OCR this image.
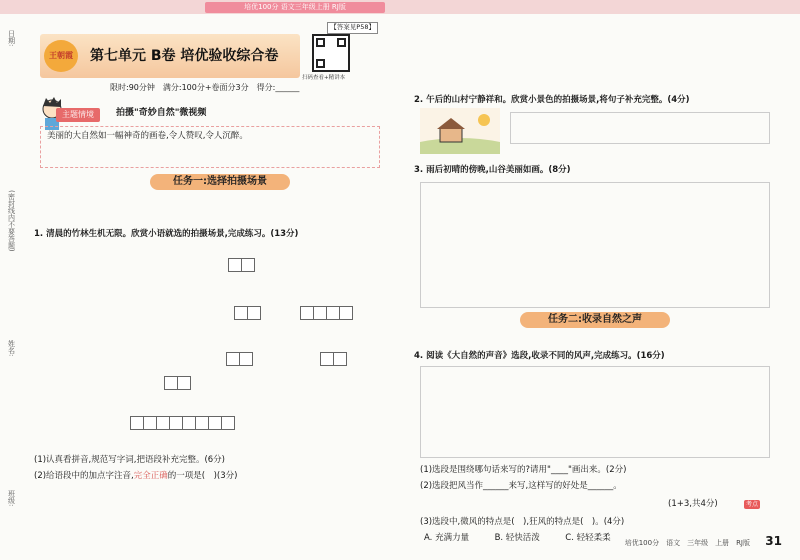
培优100分 语文三年级上册 RJ版
日期:
(密封线内不要答题)
姓名:
班级:
【答案见P58】
王朝霞	第七单元 B卷 培优验收综合卷
扫码查看+精讲本
限时:90分钟　满分:100分+卷面分3分　得分:______
主题情境	拍摄"奇妙自然"微视频
美丽的大自然如一幅神奇的画卷,令人赞叹,令人沉醉。
任务一:选择拍摄场景
1. 清晨的竹林生机无限。欣赏小语就选的拍摄场景,完成练习。(13分)
(1)认真看拼音,规范写字词,把语段补充完整。(6分)
(2)给语段中的加点字注音,完全正确的一项是(　)(3分)
2. 午后的山村宁静祥和。欣赏小景色的拍摄场景,将句子补充完整。(4分)
3. 雨后初晴的傍晚,山谷美丽如画。(8分)
任务二:收录自然之声
4. 阅读《大自然的声音》选段,收录不同的风声,完成练习。(16分)
(1)选段是围绕哪句话来写的?请用"____"画出来。(2分)
(2)选段把风当作______来写,这样写的好处是______。
(1+3,共4分)	考点
(3)选段中,微风的特点是(　),狂风的特点是(　)。(4分)
A. 充满力量　　　B. 轻快活泼　　　C. 轻轻柔柔 培优100分　语文　三年级　上册　RJ版 31
